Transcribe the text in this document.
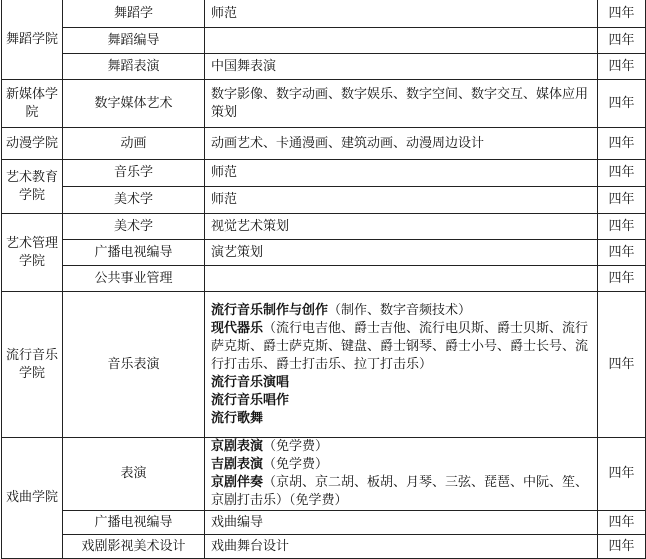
舞蹈学院	舞蹈学	师范	四年
	舞蹈编导		四年
	舞蹈表演	中国舞表演	四年
新媒体学院	数字媒体艺术	数字影像、数字动画、数字娱乐、数字空间、数字交互、媒体应用策划	四年
动漫学院	动画	动画艺术、卡通漫画、建筑动画、动漫周边设计	四年
艺术教育学院	音乐学	师范	四年
	美术学	师范	四年
艺术管理学院	美术学	视觉艺术策划	四年
	广播电视编导	演艺策划	四年
	公共事业管理		四年
流行音乐学院	音乐表演	流行音乐制作与创作（制作、数字音频技术）
现代器乐（流行电吉他、爵士吉他、流行电贝斯、爵士贝斯、流行萨克斯、爵士萨克斯、键盘、爵士钢琴、爵士小号、爵士长号、流行打击乐、爵士打击乐、拉丁打击乐）
流行音乐演唱
流行音乐唱作
流行歌舞	四年
戏曲学院	表演	京剧表演（免学费）
吉剧表演（免学费）
京剧伴奏（京胡、京二胡、板胡、月琴、三弦、琵琶、中阮、笙、京剧打击乐）（免学费）	四年
	广播电视编导	戏曲编导	四年
	戏剧影视美术设计	戏曲舞台设计	四年
